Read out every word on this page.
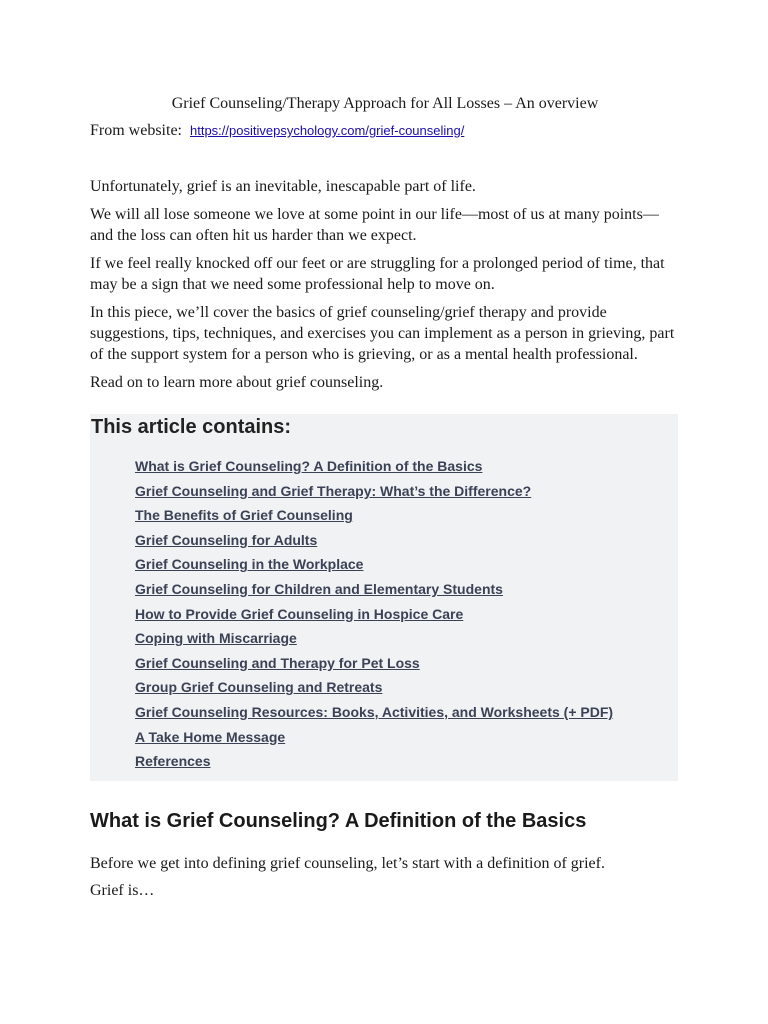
Grief Counseling/Therapy Approach for All Losses – An overview
From website: https://positivepsychology.com/grief-counseling/

Unfortunately, grief is an inevitable, inescapable part of life.

We will all lose someone we love at some point in our life—most of us at many points—and the loss can often hit us harder than we expect.

If we feel really knocked off our feet or are struggling for a prolonged period of time, that may be a sign that we need some professional help to move on.

In this piece, we’ll cover the basics of grief counseling/grief therapy and provide suggestions, tips, techniques, and exercises you can implement as a person in grieving, part of the support system for a person who is grieving, or as a mental health professional.

Read on to learn more about grief counseling.

This article contains:
What is Grief Counseling? A Definition of the Basics
Grief Counseling and Grief Therapy: What’s the Difference?
The Benefits of Grief Counseling
Grief Counseling for Adults
Grief Counseling in the Workplace
Grief Counseling for Children and Elementary Students
How to Provide Grief Counseling in Hospice Care
Coping with Miscarriage
Grief Counseling and Therapy for Pet Loss
Group Grief Counseling and Retreats
Grief Counseling Resources: Books, Activities, and Worksheets (+ PDF)
A Take Home Message
References
What is Grief Counseling? A Definition of the Basics

Before we get into defining grief counseling, let’s start with a definition of grief.

Grief is…
